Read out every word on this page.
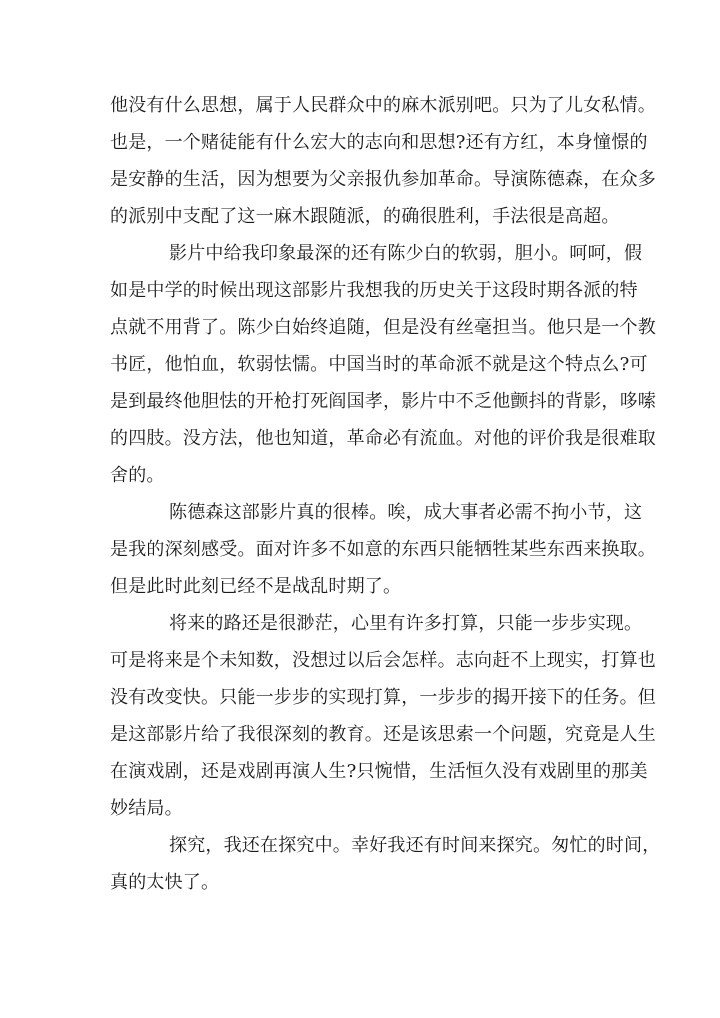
他没有什么思想，属于人民群众中的麻木派别吧。只为了儿女私情。
也是，一个赌徒能有什么宏大的志向和思想?还有方红，本身憧憬的
是安静的生活，因为想要为父亲报仇参加革命。导演陈德森，在众多
的派别中支配了这一麻木跟随派，的确很胜利，手法很是高超。
影片中给我印象最深的还有陈少白的软弱，胆小。呵呵，假
如是中学的时候出现这部影片我想我的历史关于这段时期各派的特
点就不用背了。陈少白始终追随，但是没有丝毫担当。他只是一个教
书匠，他怕血，软弱怯懦。中国当时的革命派不就是这个特点么?可
是到最终他胆怯的开枪打死阎国孝，影片中不乏他颤抖的背影，哆嗦
的四肢。没方法，他也知道，革命必有流血。对他的评价我是很难取
舍的。
陈德森这部影片真的很棒。唉，成大事者必需不拘小节，这
是我的深刻感受。面对许多不如意的东西只能牺牲某些东西来换取。
但是此时此刻已经不是战乱时期了。
将来的路还是很渺茫，心里有许多打算，只能一步步实现。
可是将来是个未知数，没想过以后会怎样。志向赶不上现实，打算也
没有改变快。只能一步步的实现打算，一步步的揭开接下的任务。但
是这部影片给了我很深刻的教育。还是该思索一个问题，究竟是人生
在演戏剧，还是戏剧再演人生?只惋惜，生活恒久没有戏剧里的那美
妙结局。
探究，我还在探究中。幸好我还有时间来探究。匆忙的时间，
真的太快了。
